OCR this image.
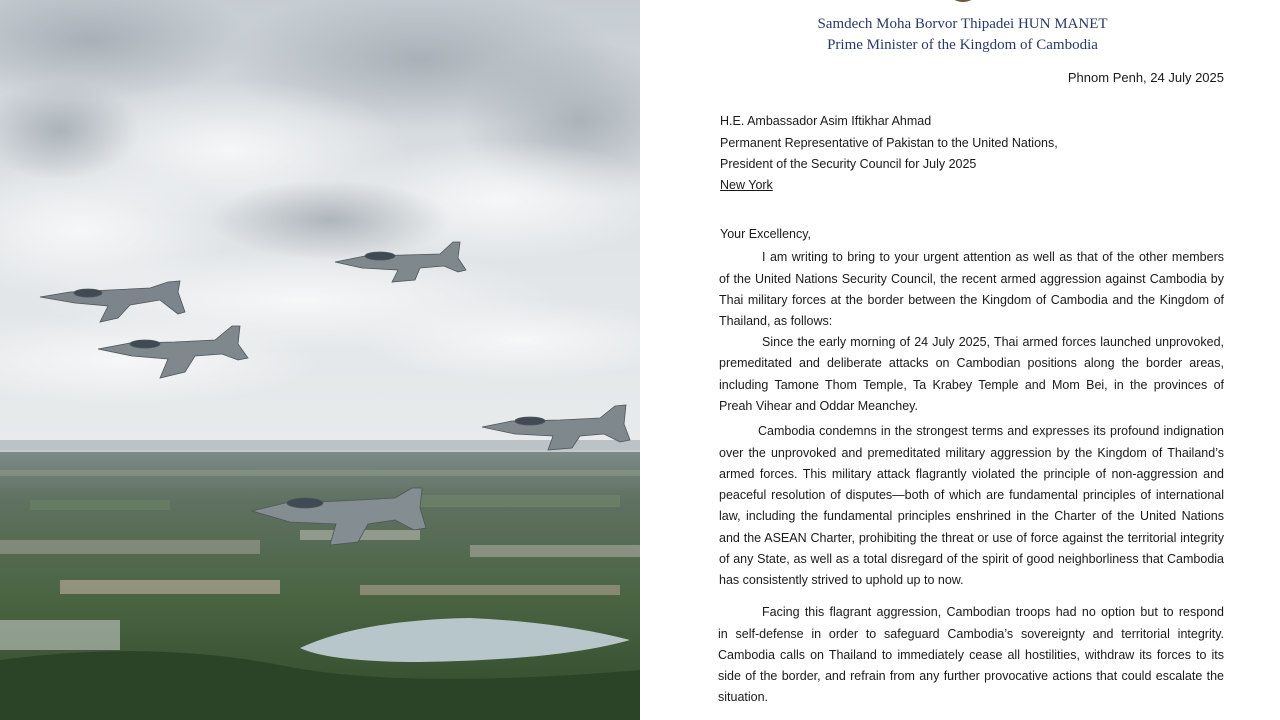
Samdech Moha Borvor Thipadei HUN MANET
Prime Minister of the Kingdom of Cambodia
Phnom Penh, 24 July 2025
H.E. Ambassador Asim Iftikhar Ahmad
Permanent Representative of Pakistan to the United Nations,
President of the Security Council for July 2025
New York
Your Excellency,
I am writing to bring to your urgent attention as well as that of the other members
of the United Nations Security Council, the recent armed aggression against Cambodia by
Thai military forces at the border between the Kingdom of Cambodia and the Kingdom of
Thailand, as follows:
Since the early morning of 24 July 2025, Thai armed forces launched unprovoked,
premeditated and deliberate attacks on Cambodian positions along the border areas,
including Tamone Thom Temple, Ta Krabey Temple and Mom Bei, in the provinces of
Preah Vihear and Oddar Meanchey.
Cambodia condemns in the strongest terms and expresses its profound indignation
over the unprovoked and premeditated military aggression by the Kingdom of Thailand’s
armed forces. This military attack flagrantly violated the principle of non-aggression and
peaceful resolution of disputes—both of which are fundamental principles of international
law, including the fundamental principles enshrined in the Charter of the United Nations
and the ASEAN Charter, prohibiting the threat or use of force against the territorial integrity
of any State, as well as a total disregard of the spirit of good neighborliness that Cambodia
has consistently strived to uphold up to now.
Facing this flagrant aggression, Cambodian troops had no option but to respond
in self-defense in order to safeguard Cambodia’s sovereignty and territorial integrity.
Cambodia calls on Thailand to immediately cease all hostilities, withdraw its forces to its
side of the border, and refrain from any further provocative actions that could escalate the
situation.
